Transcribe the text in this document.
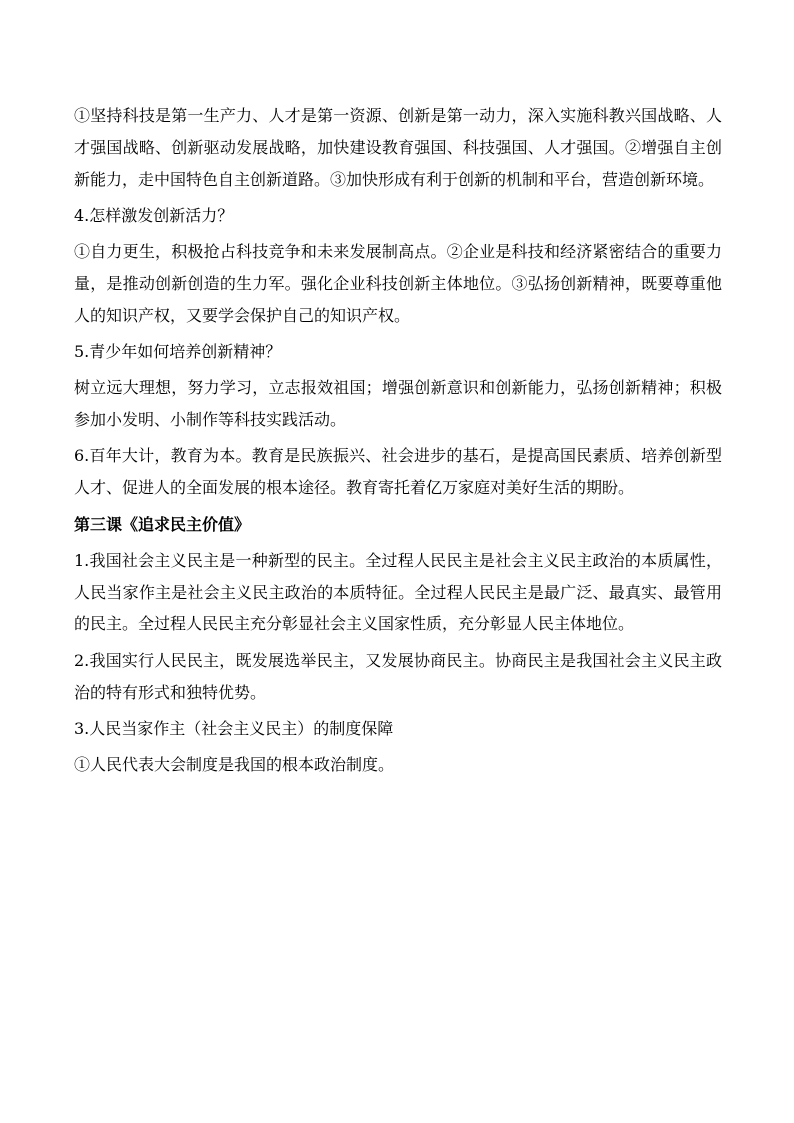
①坚持科技是第一生产力、人才是第一资源、创新是第一动力，深入实施科教兴国战略、人才强国战略、创新驱动发展战略，加快建设教育强国、科技强国、人才强国。②增强自主创新能力，走中国特色自主创新道路。③加快形成有利于创新的机制和平台，营造创新环境。

4.怎样激发创新活力？

①自力更生，积极抢占科技竞争和未来发展制高点。②企业是科技和经济紧密结合的重要力量，是推动创新创造的生力军。强化企业科技创新主体地位。③弘扬创新精神，既要尊重他人的知识产权，又要学会保护自己的知识产权。

5.青少年如何培养创新精神？

树立远大理想，努力学习，立志报效祖国；增强创新意识和创新能力，弘扬创新精神；积极参加小发明、小制作等科技实践活动。

6.百年大计，教育为本。教育是民族振兴、社会进步的基石，是提高国民素质、培养创新型人才、促进人的全面发展的根本途径。教育寄托着亿万家庭对美好生活的期盼。

第三课《追求民主价值》

1.我国社会主义民主是一种新型的民主。全过程人民民主是社会主义民主政治的本质属性，人民当家作主是社会主义民主政治的本质特征。全过程人民民主是最广泛、最真实、最管用的民主。全过程人民民主充分彰显社会主义国家性质，充分彰显人民主体地位。

2.我国实行人民民主，既发展选举民主，又发展协商民主。协商民主是我国社会主义民主政治的特有形式和独特优势。

3.人民当家作主（社会主义民主）的制度保障

①人民代表大会制度是我国的根本政治制度。
